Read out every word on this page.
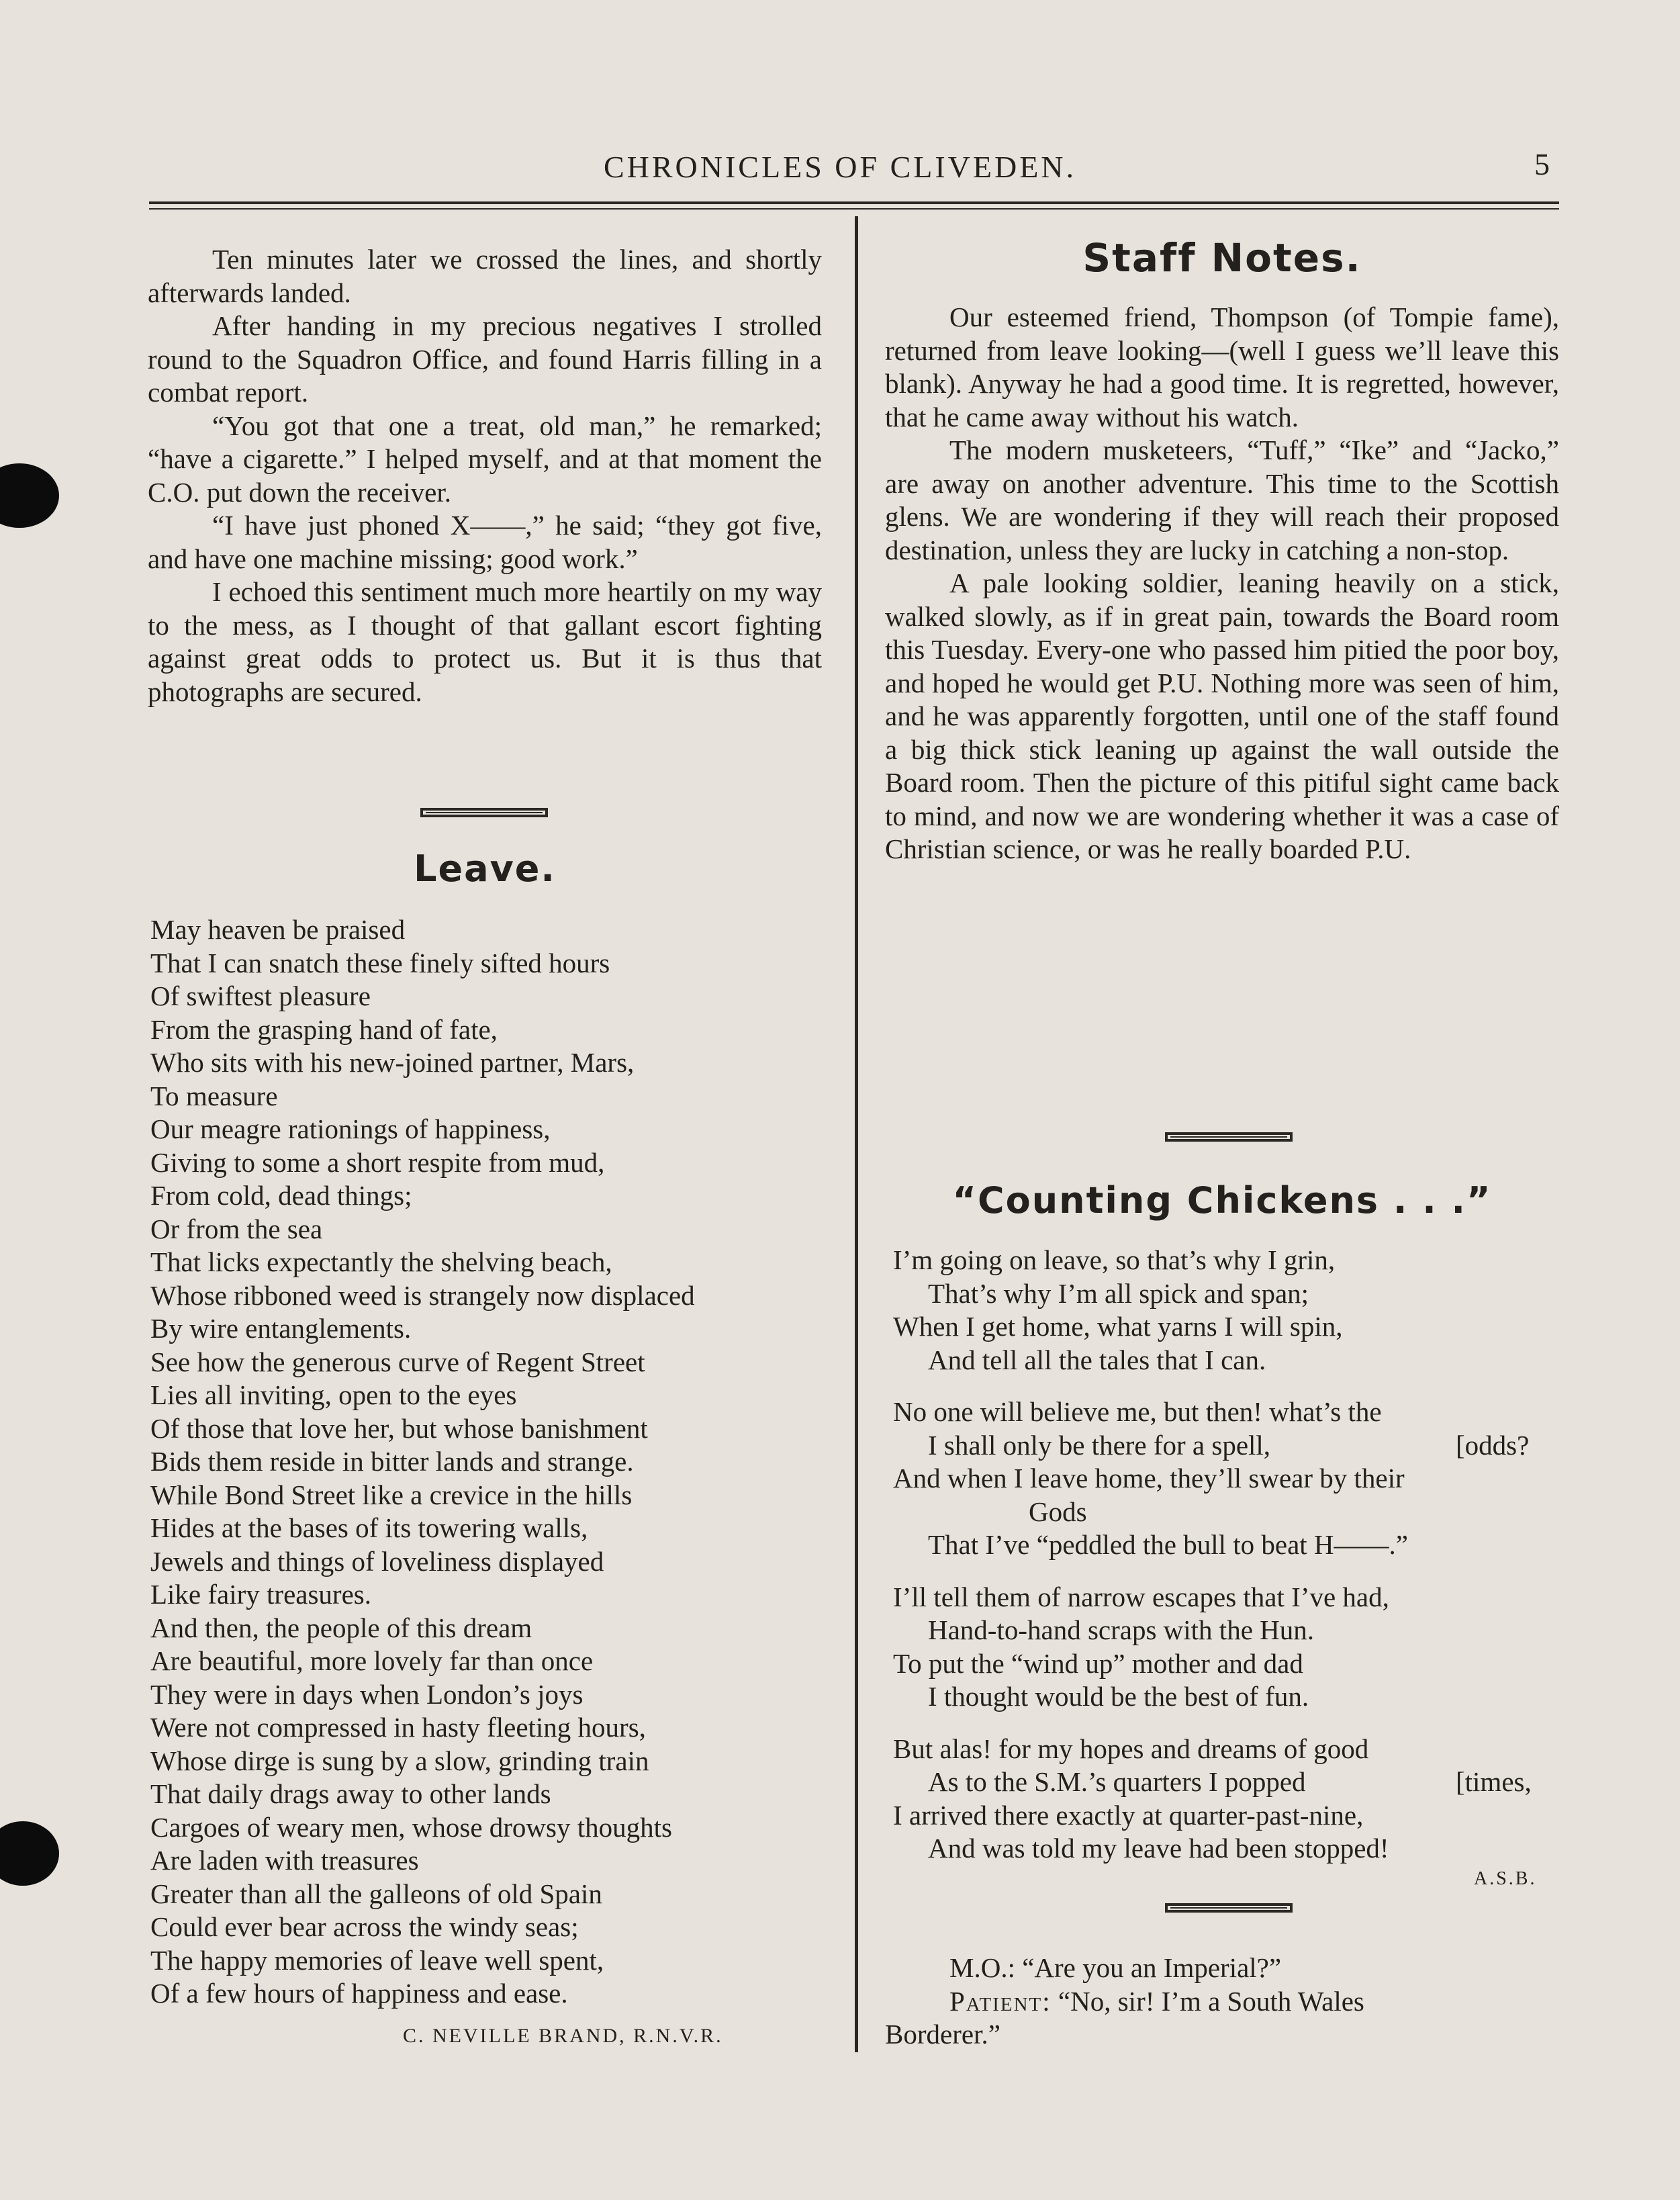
CHRONICLES OF CLIVEDEN.	5

Ten minutes later we crossed the lines, and shortly afterwards landed.

After handing in my precious negatives I strolled round to the Squadron Office, and found Harris filling in a combat report.

“You got that one a treat, old man,” he remarked; “have a cigarette.” I helped myself, and at that moment the C.O. put down the receiver.

“I have just phoned X——,” he said; “they got five, and have one machine missing; good work.”

I echoed this sentiment much more heartily on my way to the mess, as I thought of that gallant escort fighting against great odds to protect us. But it is thus that photographs are secured.

Leave.
May heaven be praised
That I can snatch these finely sifted hours
Of swiftest pleasure
From the grasping hand of fate,
Who sits with his new-joined partner, Mars,
To measure
Our meagre rationings of happiness,
Giving to some a short respite from mud,
From cold, dead things;
Or from the sea
That licks expectantly the shelving beach,
Whose ribboned weed is strangely now displaced
By wire entanglements.
See how the generous curve of Regent Street
Lies all inviting, open to the eyes
Of those that love her, but whose banishment
Bids them reside in bitter lands and strange.
While Bond Street like a crevice in the hills
Hides at the bases of its towering walls,
Jewels and things of loveliness displayed
Like fairy treasures.
And then, the people of this dream
Are beautiful, more lovely far than once
They were in days when London’s joys
Were not compressed in hasty fleeting hours,
Whose dirge is sung by a slow, grinding train
That daily drags away to other lands
Cargoes of weary men, whose drowsy thoughts
Are laden with treasures
Greater than all the galleons of old Spain
Could ever bear across the windy seas;
The happy memories of leave well spent,
Of a few hours of happiness and ease.
C. NEVILLE BRAND, R.N.V.R.
Staff Notes.

Our esteemed friend, Thompson (of Tompie fame), returned from leave looking—(well I guess we’ll leave this blank). Anyway he had a good time. It is regretted, however, that he came away without his watch.

The modern musketeers, “Tuff,” “Ike” and “Jacko,” are away on another adventure. This time to the Scottish glens. We are wondering if they will reach their proposed destination, unless they are lucky in catching a non-stop.

A pale looking soldier, leaning heavily on a stick, walked slowly, as if in great pain, towards the Board room this Tuesday. Every-one who passed him pitied the poor boy, and hoped he would get P.U. Nothing more was seen of him, and he was apparently forgotten, until one of the staff found a big thick stick leaning up against the wall outside the Board room. Then the picture of this pitiful sight came back to mind, and now we are wondering whether it was a case of Christian science, or was he really boarded P.U.

“Counting Chickens . . .”
I’m going on leave, so that’s why I grin,
That’s why I’m all spick and span;
When I get home, what yarns I will spin,
And tell all the tales that I can.
No one will believe me, but then! what’s the
I shall only be there for a spell,	[odds?
And when I leave home, they’ll swear by their
Gods
That I’ve “peddled the bull to beat H——.”
I’ll tell them of narrow escapes that I’ve had,
Hand-to-hand scraps with the Hun.
To put the “wind up” mother and dad
I thought would be the best of fun.
But alas! for my hopes and dreams of good
As to the S.M.’s quarters I popped	[times,
I arrived there exactly at quarter-past-nine,
And was told my leave had been stopped!
A.S.B.

M.O.: “Are you an Imperial?”

Patient: “No, sir! I’m a South Wales

Borderer.”
